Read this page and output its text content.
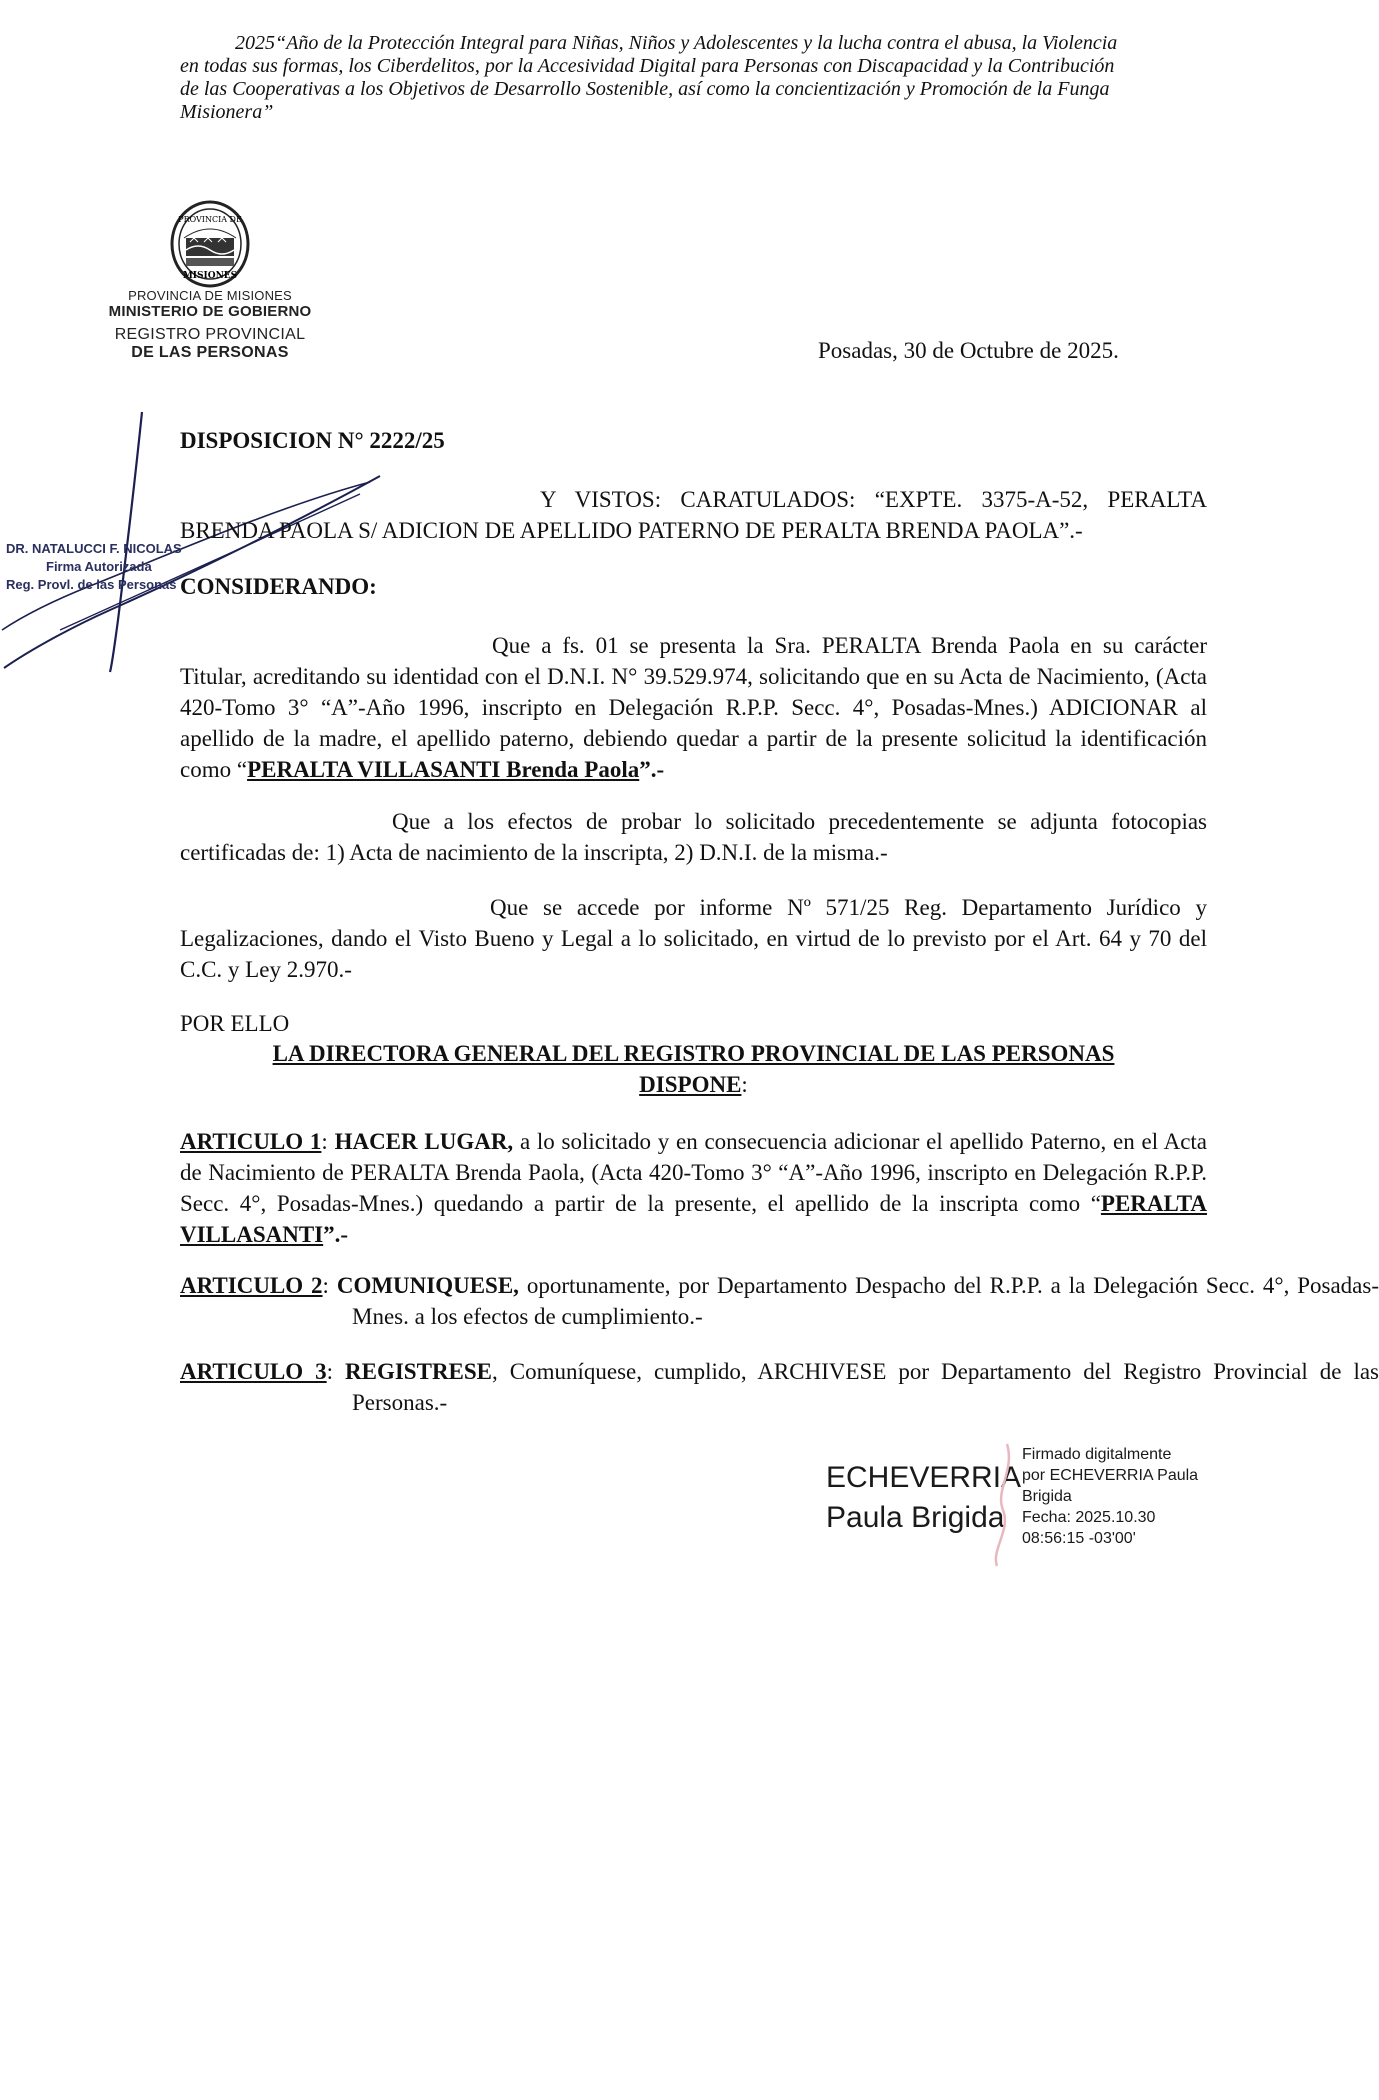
2025“Año de la Protección Integral para Niñas, Niños y Adolescentes y la lucha contra el abusa, la Violencia
en todas sus formas, los Ciberdelitos, por la Accesividad Digital para Personas con Discapacidad y la Contribución
de las Cooperativas a los Objetivos de Desarrollo Sostenible, así como la concientización y Promoción de la Funga
Misionera”
PROVINCIA DE
MISIONES
PROVINCIA DE MISIONES
MINISTERIO DE GOBIERNO
REGISTRO PROVINCIAL
DE LAS PERSONAS	Posadas, 30 de Octubre de 2025.
DR. NATALUCCI F. NICOLAS
Firma Autorizada
Reg. Provl. de las Personas
DISPOSICION N° 2222/25
Y VISTOS: CARATULADOS: “EXPTE. 3375-A-52, PERALTA BRENDA PAOLA S/ ADICION DE APELLIDO PATERNO DE PERALTA BRENDA PAOLA”.-
CONSIDERANDO:
Que a fs. 01 se presenta la Sra. PERALTA Brenda Paola en su carácter Titular, acreditando su identidad con el D.N.I. N° 39.529.974, solicitando que en su Acta de Nacimiento, (Acta 420-Tomo 3° “A”-Año 1996, inscripto en Delegación R.P.P. Secc. 4°, Posadas-Mnes.) ADICIONAR al apellido de la madre, el apellido paterno, debiendo quedar a partir de la presente solicitud la identificación como “PERALTA VILLASANTI Brenda Paola”.-
Que a los efectos de probar lo solicitado precedentemente se adjunta fotocopias certificadas de: 1) Acta de nacimiento de la inscripta, 2) D.N.I. de la misma.-
Que se accede por informe Nº 571/25 Reg. Departamento Jurídico y Legalizaciones, dando el Visto Bueno y Legal a lo solicitado, en virtud de lo previsto por el Art. 64 y 70 del C.C. y Ley 2.970.-
POR ELLO
LA DIRECTORA GENERAL DEL REGISTRO PROVINCIAL DE LAS PERSONAS
DISPONE:
ARTICULO 1: HACER LUGAR, a lo solicitado y en consecuencia adicionar el apellido Paterno, en el Acta de Nacimiento de PERALTA Brenda Paola, (Acta 420-Tomo 3° “A”-Año 1996, inscripto en Delegación R.P.P. Secc. 4°, Posadas-Mnes.) quedando a partir de la presente, el apellido de la inscripta como “PERALTA VILLASANTI”.-
ARTICULO 2: COMUNIQUESE, oportunamente, por Departamento Despacho del R.P.P. a la Delegación Secc. 4°, Posadas-Mnes. a los efectos de cumplimiento.-
ARTICULO 3: REGISTRESE, Comuníquese, cumplido, ARCHIVESE por Departamento del Registro Provincial de las Personas.-
ECHEVERRIA
Paula Brigida
Firmado digitalmente
por ECHEVERRIA Paula
Brigida
Fecha: 2025.10.30
08:56:15 -03'00'
